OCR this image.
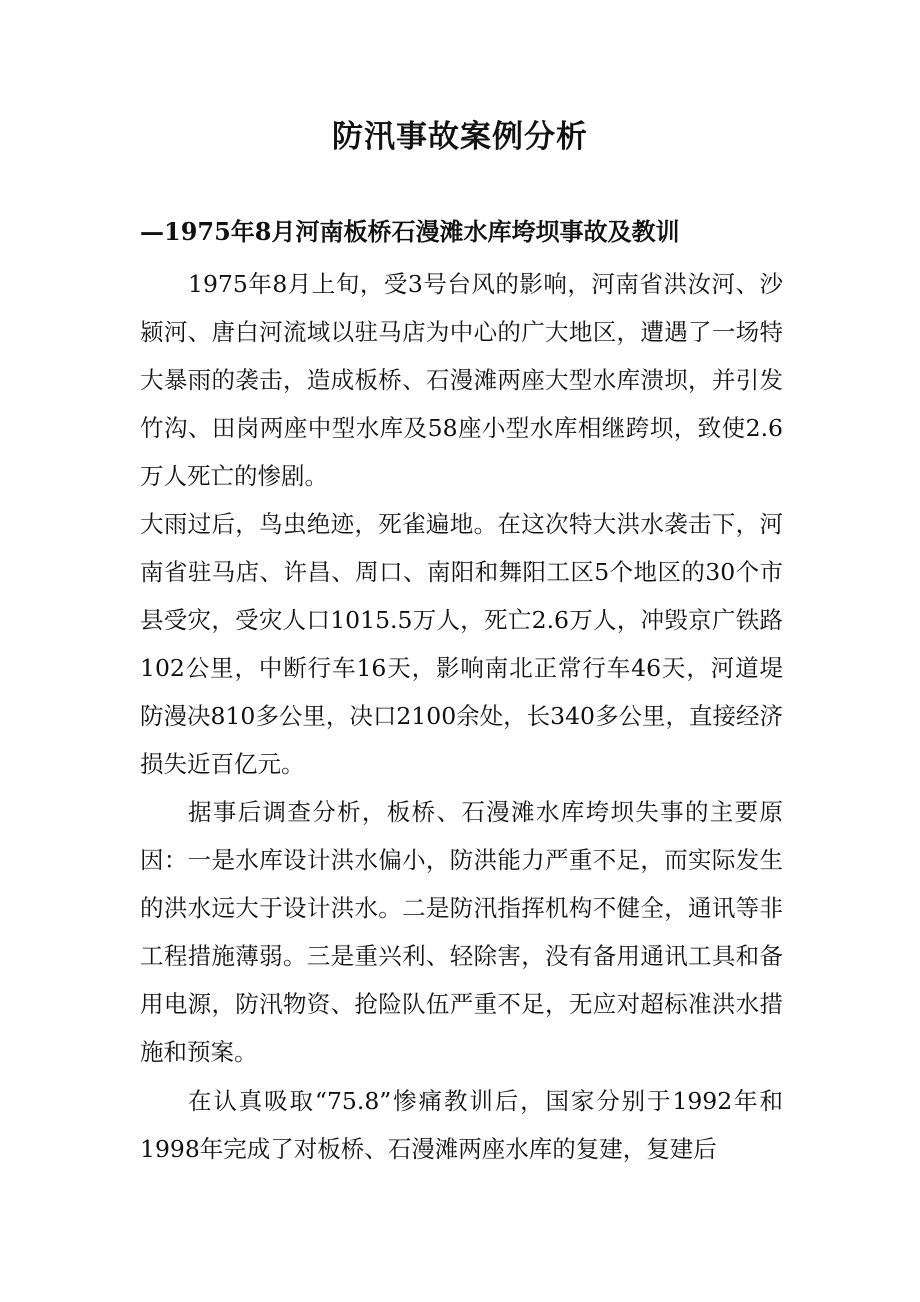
防汛事故案例分析
—1975年8月河南板桥石漫滩水库垮坝事故及教训

1975年8月上旬，受3号台风的影响，河南省洪汝河、沙颍河、唐白河流域以驻马店为中心的广大地区，遭遇了一场特大暴雨的袭击，造成板桥、石漫滩两座大型水库溃坝，并引发竹沟、田岗两座中型水库及58座小型水库相继跨坝，致使2.6万人死亡的惨剧。

大雨过后，鸟虫绝迹，死雀遍地。在这次特大洪水袭击下，河南省驻马店、许昌、周口、南阳和舞阳工区5个地区的30个市县受灾，受灾人口1015.5万人，死亡2.6万人，冲毁京广铁路102公里，中断行车16天，影响南北正常行车46天，河道堤防漫决810多公里，决口2100余处，长340多公里，直接经济损失近百亿元。

据事后调查分析，板桥、石漫滩水库垮坝失事的主要原因：一是水库设计洪水偏小，防洪能力严重不足，而实际发生的洪水远大于设计洪水。二是防汛指挥机构不健全，通讯等非工程措施薄弱。三是重兴利、轻除害，没有备用通讯工具和备用电源，防汛物资、抢险队伍严重不足，无应对超标准洪水措施和预案。

在认真吸取“75.8”惨痛教训后，国家分别于1992年和1998年完成了对板桥、石漫滩两座水库的复建，复建后
